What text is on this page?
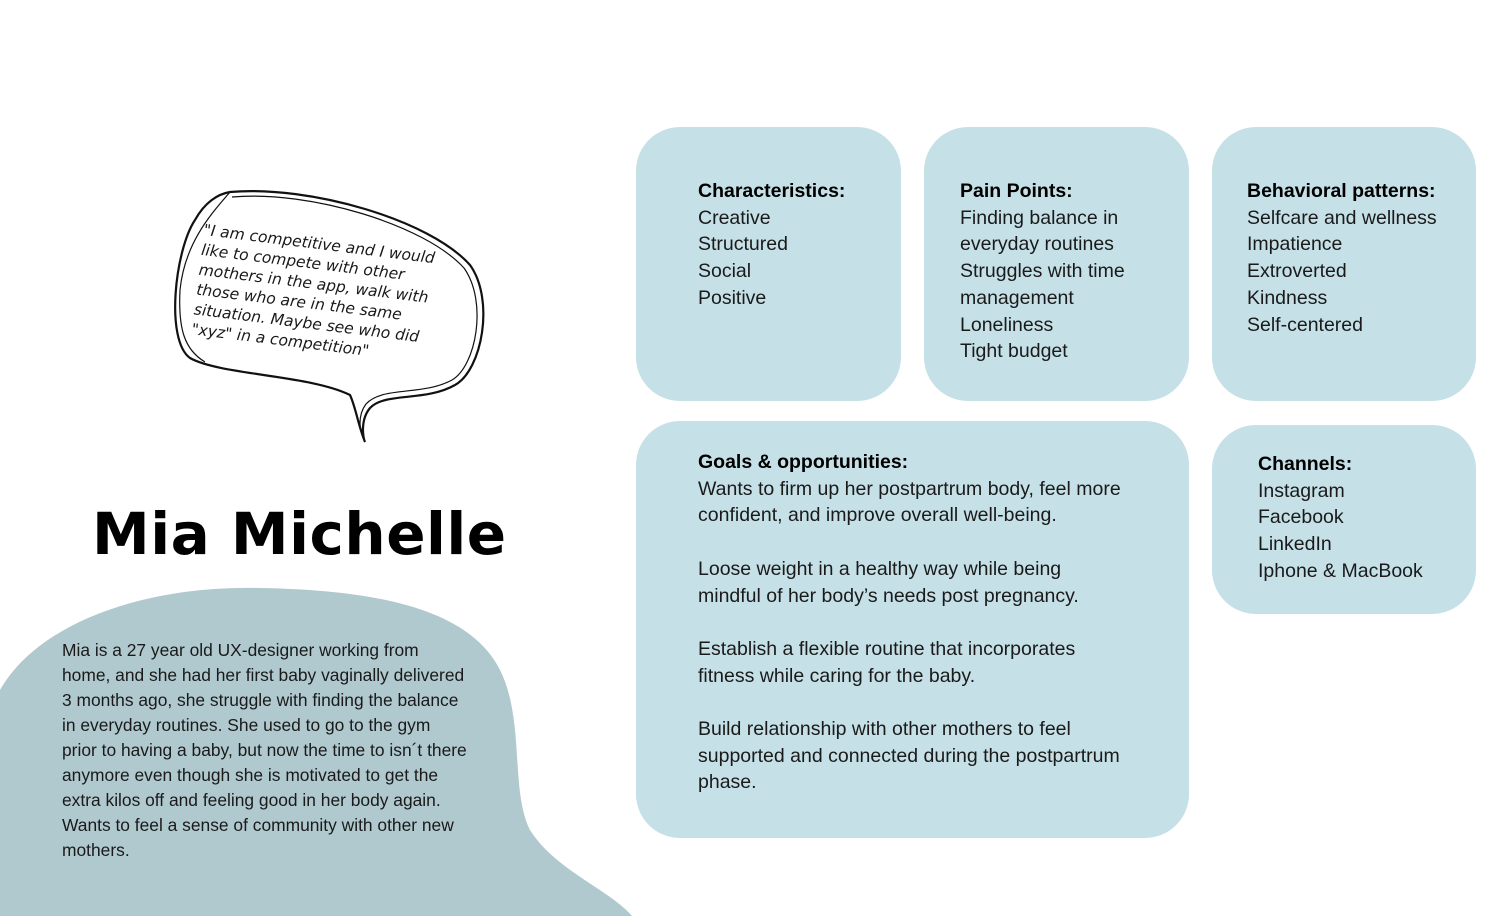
"I am competitive and I would like to compete with other mothers in the app, walk with those who are in the same situation. Maybe see who did "xyz" in a competition"

Mia Michelle

Mia is a 27 year old UX-designer working from home, and she had her first baby vaginally delivered 3 months ago, she struggle with finding the balance in everyday routines. She used to go to the gym prior to having a baby, but now the time to isn´t there anymore even though she is motivated to get the extra kilos off and feeling good in her body again. Wants to feel a sense of community with other new mothers.

Characteristics:
Creative
Structured
Social
Positive
Pain Points:
Finding balance in everyday routines
Struggles with time management
Loneliness
Tight budget
Behavioral patterns:
Selfcare and wellness
Impatience
Extroverted
Kindness
Self-centered
Goals & opportunities:

Wants to firm up her postpartrum body, feel more confident, and improve overall well-being.

Loose weight in a healthy way while being mindful of her body’s needs post pregnancy.

Establish a flexible routine that incorporates fitness while caring for the baby.

Build relationship with other mothers to feel supported and connected during the postpartrum phase.

Channels:
Instagram
Facebook
LinkedIn
Iphone & MacBook
